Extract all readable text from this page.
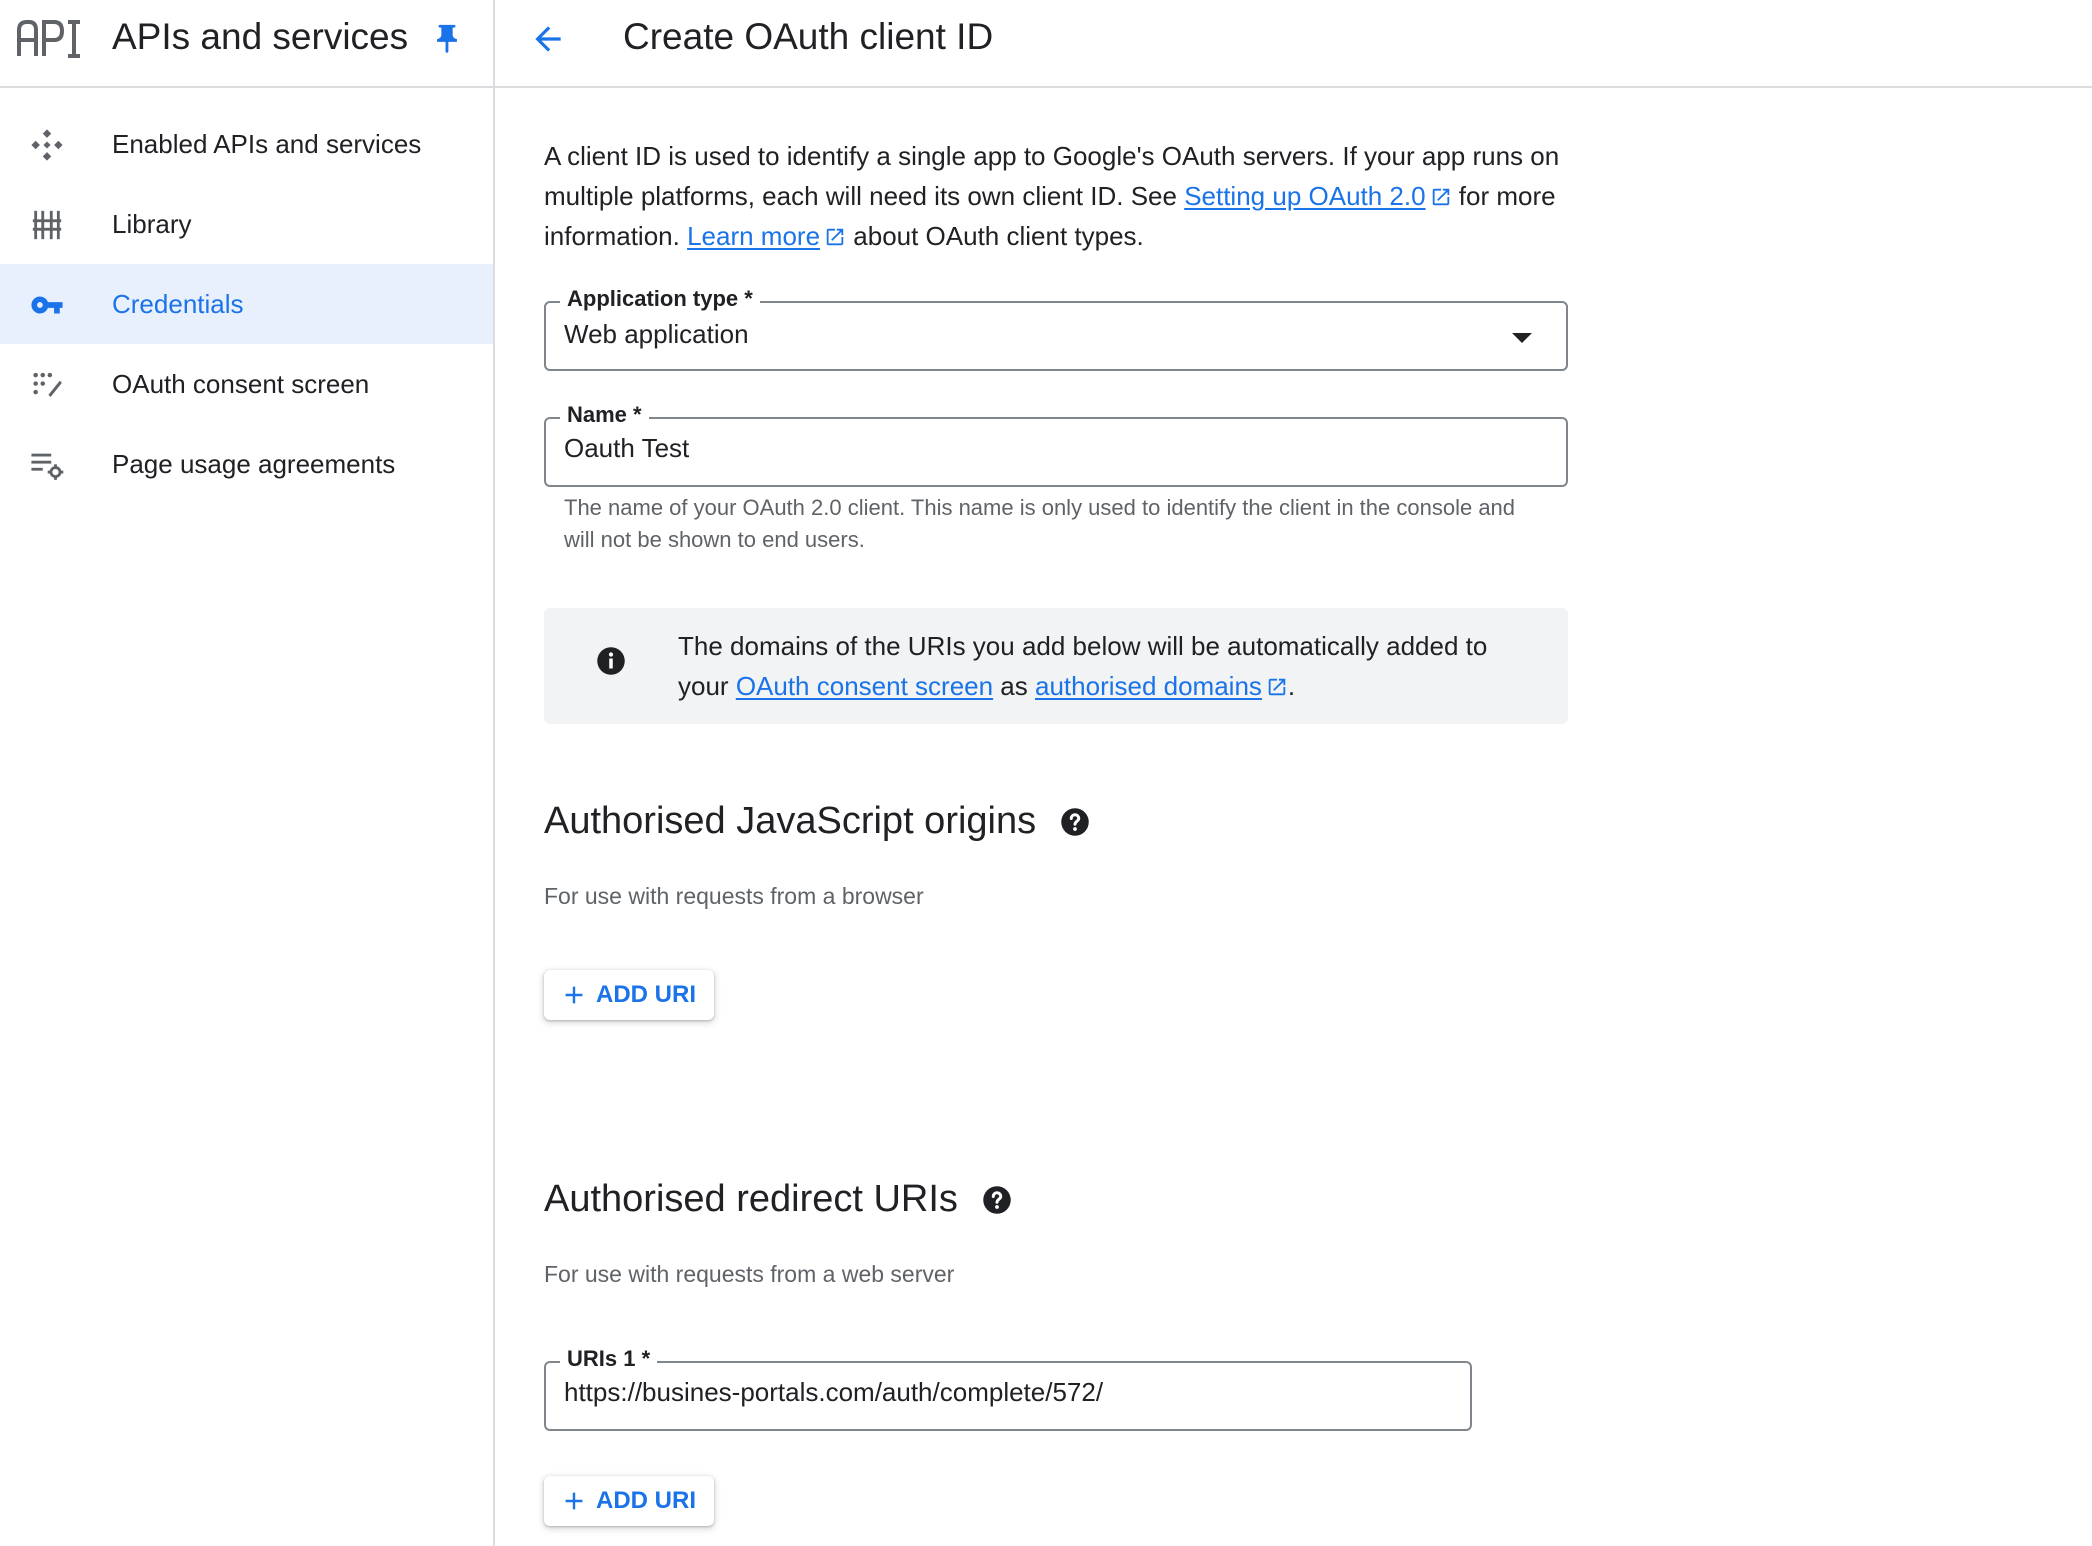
APIs and services
Enabled APIs and services
Library
Credentials
OAuth consent screen
Page usage agreements
Create OAuth client ID

A client ID is used to identify a single app to Google's OAuth servers. If your app runs on multiple platforms, each will need its own client ID. See Setting up OAuth 2.0 for more information. Learn more about OAuth client types.

Application type *
Web application
Name *
Oauth Test

The name of your OAuth 2.0 client. This name is only used to identify the client in the console and will not be shown to end users.

The domains of the URIs you add below will be automatically added to your OAuth consent screen as authorised domains .

Authorised JavaScript origins

For use with requests from a browser

ADD URI
Authorised redirect URIs

For use with requests from a web server

URIs 1 *
https://busines-portals.com/auth/complete/572/
ADD URI
